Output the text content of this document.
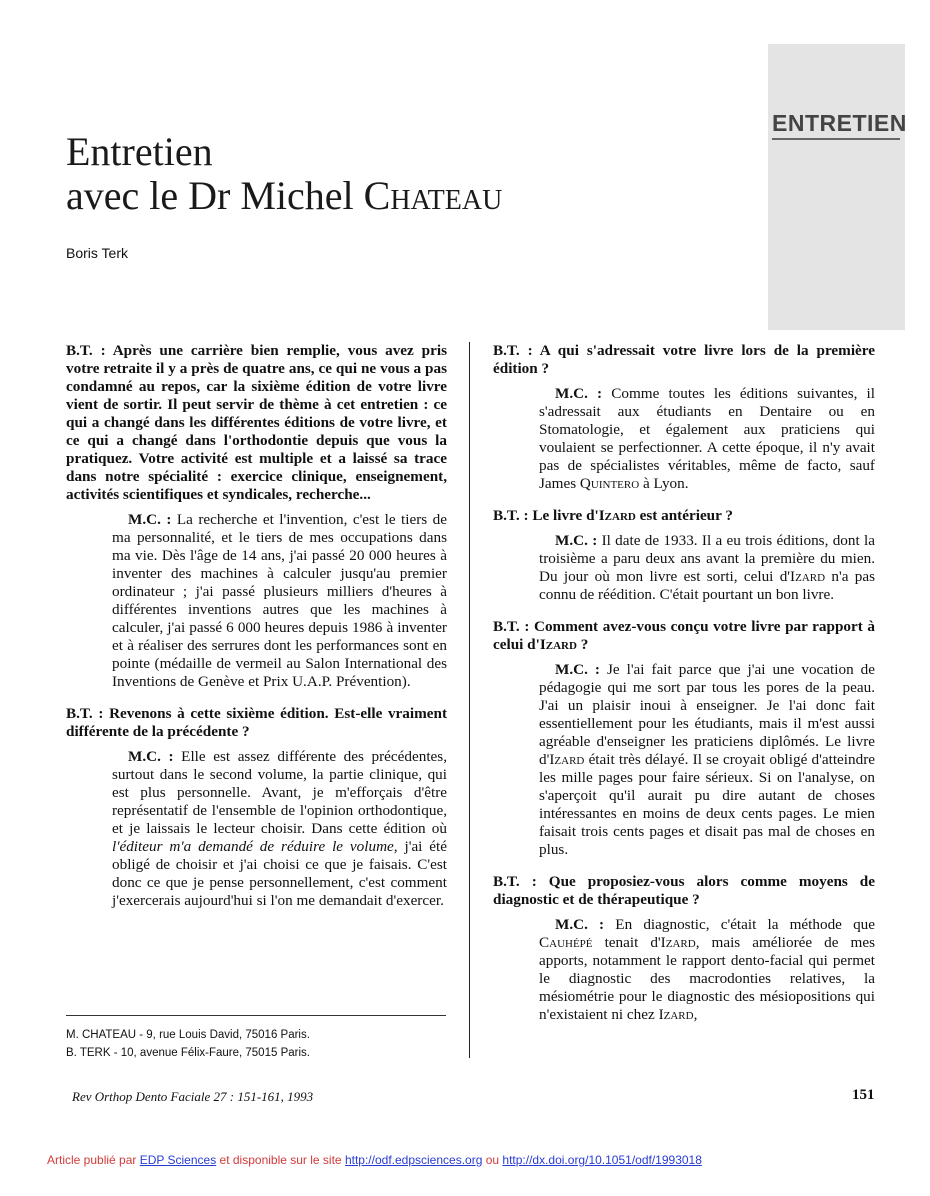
ENTRETIEN
Entretien
avec le Dr Michel Chateau
Boris Terk

B.T. : Après une carrière bien remplie, vous avez pris votre retraite il y a près de quatre ans, ce qui ne vous a pas condamné au repos, car la sixième édition de votre livre vient de sortir. Il peut servir de thème à cet entretien : ce qui a changé dans les différentes éditions de votre livre, et ce qui a changé dans l'orthodontie depuis que vous la pratiquez. Votre activité est multiple et a laissé sa trace dans notre spécialité : exercice clinique, enseignement, activités scientifiques et syndicales, recherche...

M.C. : La recherche et l'invention, c'est le tiers de ma personnalité, et le tiers de mes occupations dans ma vie. Dès l'âge de 14 ans, j'ai passé 20 000 heures à inventer des machines à calculer jusqu'au premier ordinateur ; j'ai passé plusieurs milliers d'heures à différentes inventions autres que les machines à calculer, j'ai passé 6 000 heures depuis 1986 à inventer et à réaliser des serrures dont les performances sont en pointe (médaille de vermeil au Salon International des Inventions de Genève et Prix U.A.P. Prévention).

B.T. : Revenons à cette sixième édition. Est-elle vraiment différente de la précédente ?

M.C. : Elle est assez différente des précédentes, surtout dans le second volume, la partie clinique, qui est plus personnelle. Avant, je m'efforçais d'être représentatif de l'ensemble de l'opinion orthodontique, et je laissais le lecteur choisir. Dans cette édition où l'éditeur m'a demandé de réduire le volume, j'ai été obligé de choisir et j'ai choisi ce que je faisais. C'est donc ce que je pense personnellement, c'est comment j'exercerais aujourd'hui si l'on me demandait d'exercer.

B.T. : A qui s'adressait votre livre lors de la première édition ?

M.C. : Comme toutes les éditions suivantes, il s'adressait aux étudiants en Dentaire ou en Stomatologie, et également aux praticiens qui voulaient se perfectionner. A cette époque, il n'y avait pas de spécialistes véritables, même de facto, sauf James Quintero à Lyon.

B.T. : Le livre d'Izard est antérieur ?

M.C. : Il date de 1933. Il a eu trois éditions, dont la troisième a paru deux ans avant la première du mien. Du jour où mon livre est sorti, celui d'Izard n'a pas connu de réédition. C'était pourtant un bon livre.

B.T. : Comment avez-vous conçu votre livre par rapport à celui d'Izard ?

M.C. : Je l'ai fait parce que j'ai une vocation de pédagogie qui me sort par tous les pores de la peau. J'ai un plaisir inoui à enseigner. Je l'ai donc fait essentiellement pour les étudiants, mais il m'est aussi agréable d'enseigner les praticiens diplômés. Le livre d'Izard était très délayé. Il se croyait obligé d'atteindre les mille pages pour faire sérieux. Si on l'analyse, on s'aperçoit qu'il aurait pu dire autant de choses intéressantes en moins de deux cents pages. Le mien faisait trois cents pages et disait pas mal de choses en plus.

B.T. : Que proposiez-vous alors comme moyens de diagnostic et de thérapeutique ?

M.C. : En diagnostic, c'était la méthode que Cauhépé tenait d'Izard, mais améliorée de mes apports, notamment le rapport dento-facial qui permet le diagnostic des macrodonties relatives, la mésiométrie pour le diagnostic des mésiopositions qui n'existaient ni chez Izard,

M. CHATEAU - 9, rue Louis David, 75016 Paris.
B. TERK - 10, avenue Félix-Faure, 75015 Paris.
Rev Orthop Dento Faciale 27 : 151-161, 1993	151
Article publié par EDP Sciences et disponible sur le site http://odf.edpsciences.org ou http://dx.doi.org/10.1051/odf/1993018
